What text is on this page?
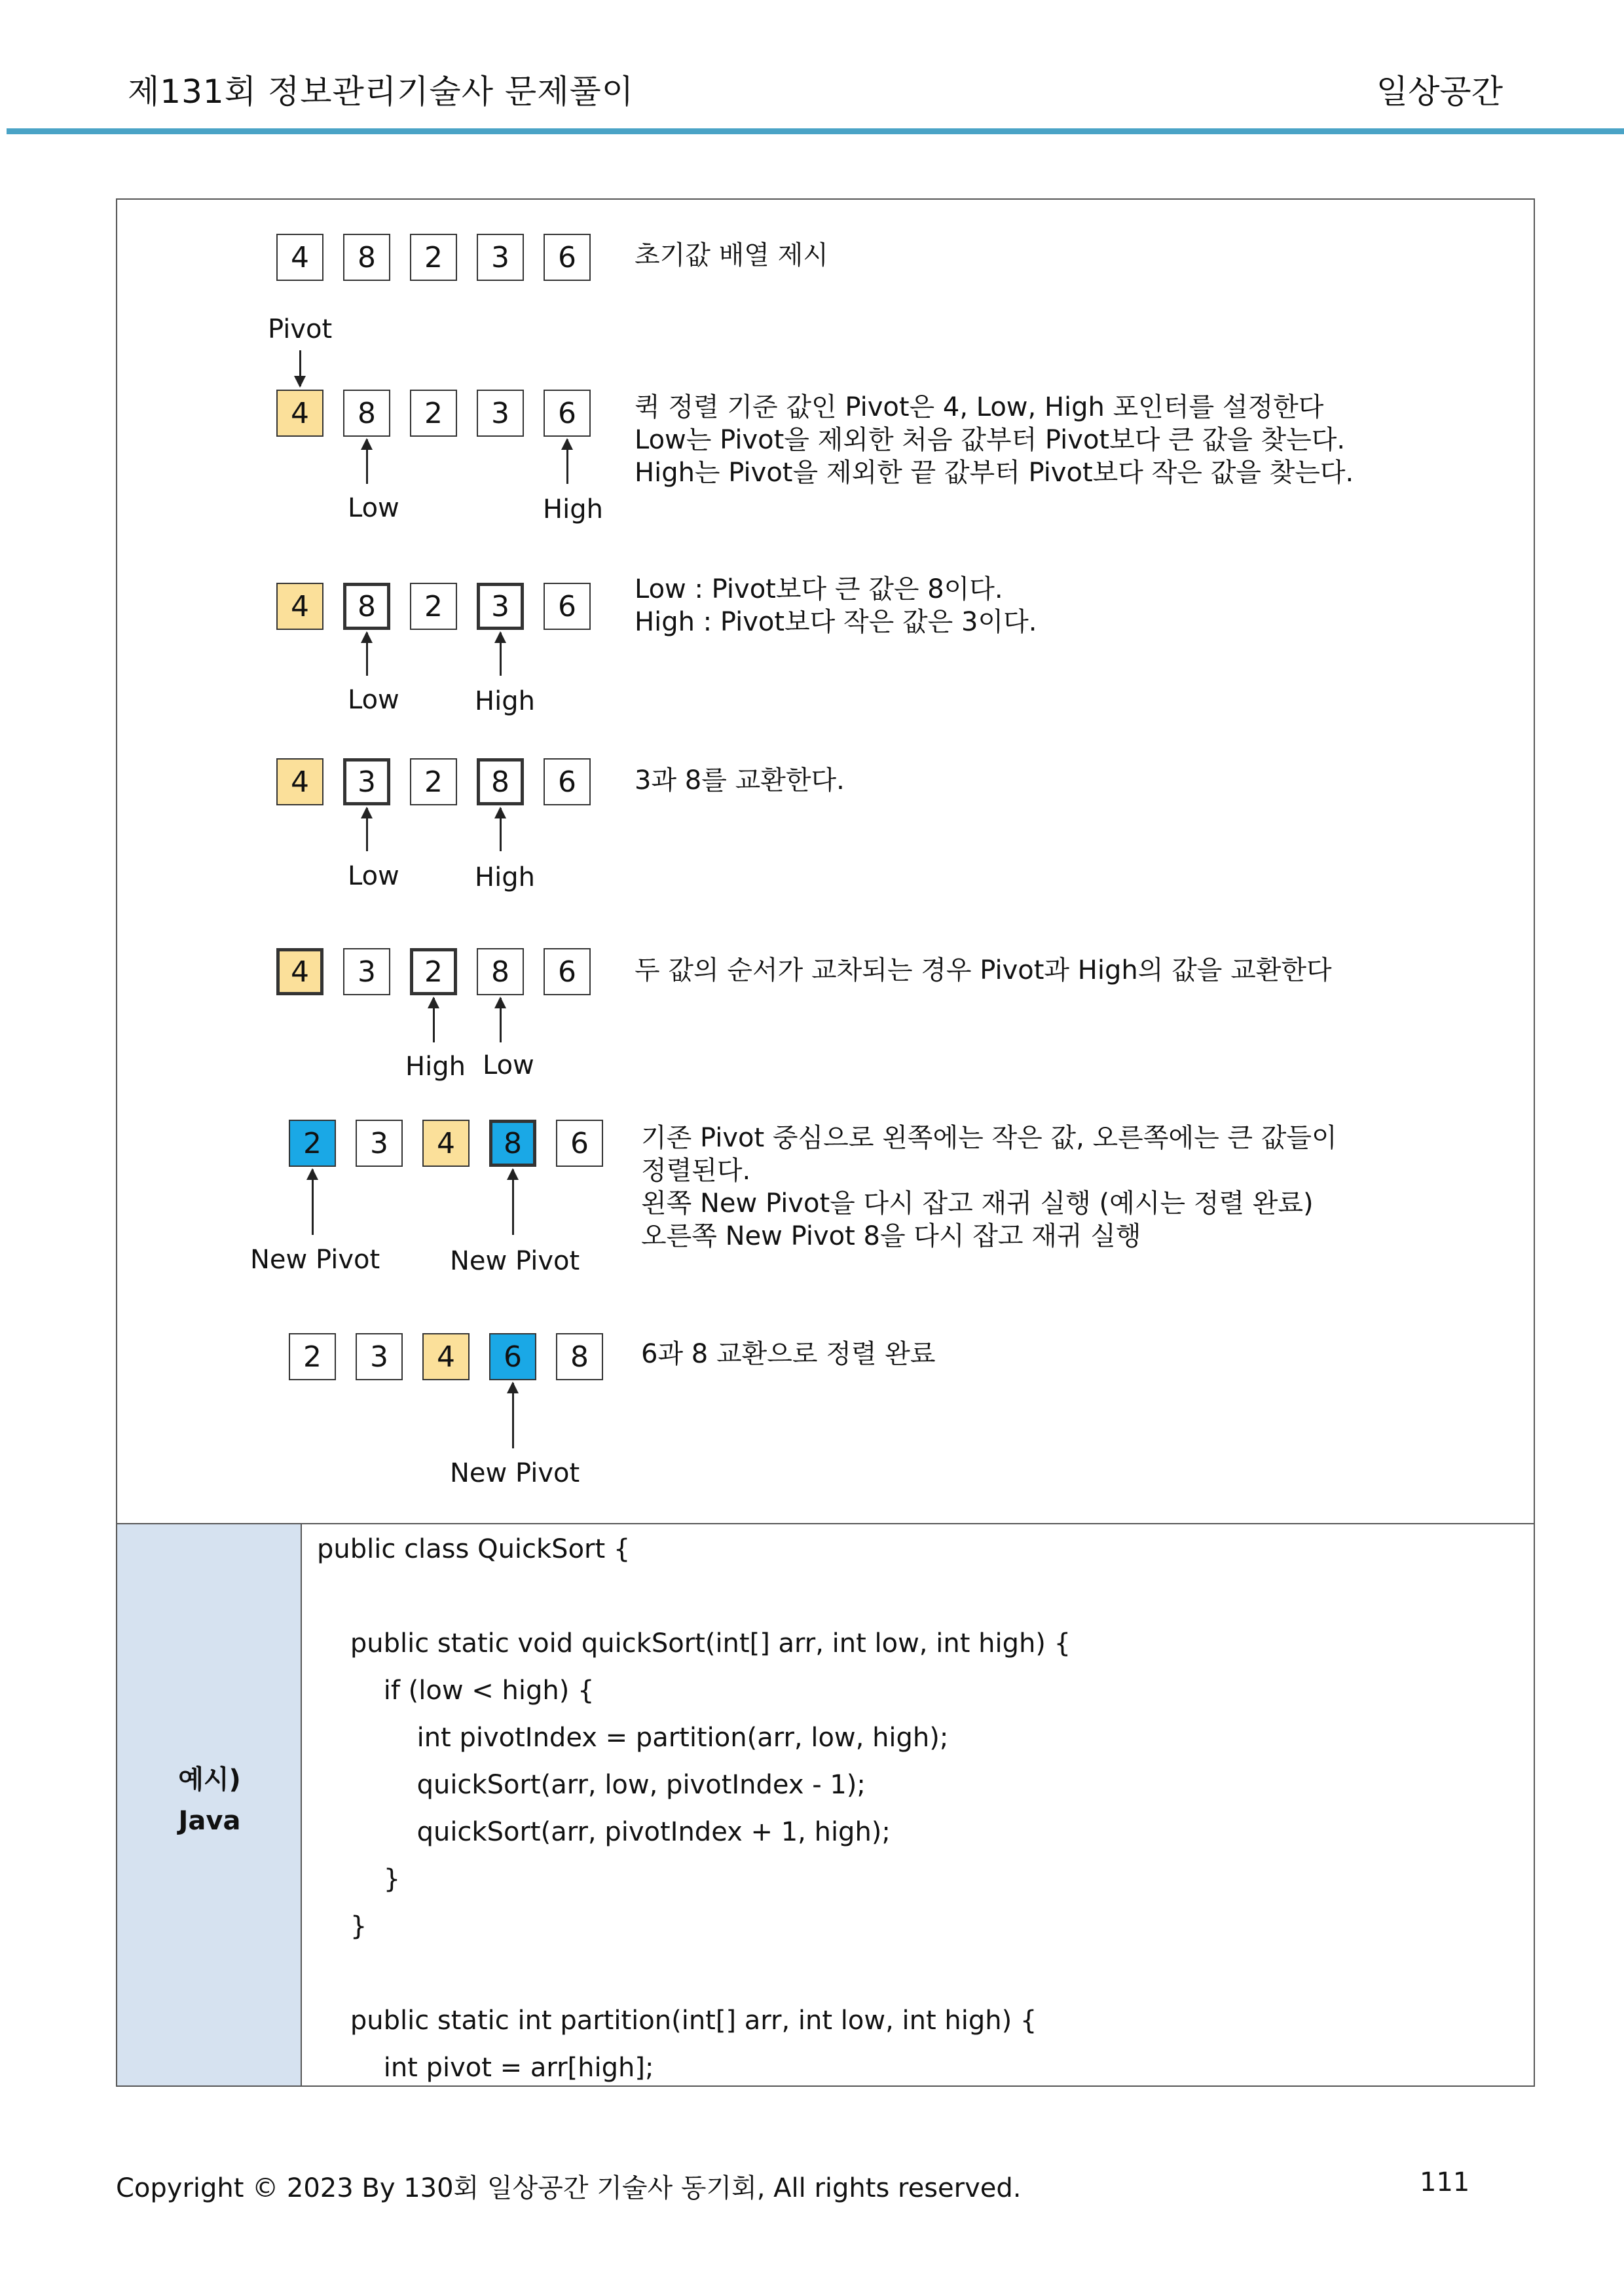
제131회 정보관리기술사 문제풀이	일상공간
4	8	2	3	6	초기값 배열 제시
Pivot
4	8	2	3	6
Low	High
퀵 정렬 기준 값인 Pivot은 4, Low, High 포인터를 설정한다
Low는 Pivot을 제외한 처음 값부터 Pivot보다 큰 값을 찾는다.
High는 Pivot을 제외한 끝 값부터 Pivot보다 작은 값을 찾는다.
4	8	2	3	6
Low	High
Low : Pivot보다 큰 값은 8이다.
High : Pivot보다 작은 값은 3이다.
4	3	2	8	6
Low	High
3과 8를 교환한다.
4	3	2	8	6
High Low
두 값의 순서가 교차되는 경우 Pivot과 High의 값을 교환한다
2	3	4	8	6
New Pivot	New Pivot
기존 Pivot 중심으로 왼쪽에는 작은 값, 오른쪽에는 큰 값들이
정렬된다.
왼쪽 New Pivot을 다시 잡고 재귀 실행 (예시는 정렬 완료)
오른쪽 New Pivot 8을 다시 잡고 재귀 실행
2	3	4	6	8
New Pivot
6과 8 교환으로 정렬 완료
예시)
Java
public class QuickSort {
public static void quickSort(int[] arr, int low, int high) {
if (low < high) {
int pivotIndex = partition(arr, low, high);
quickSort(arr, low, pivotIndex - 1);
quickSort(arr, pivotIndex + 1, high);
}
}
public static int partition(int[] arr, int low, int high) {
int pivot = arr[high];
Copyright © 2023 By 130회 일상공간 기술사 동기회, All rights reserved.	111
